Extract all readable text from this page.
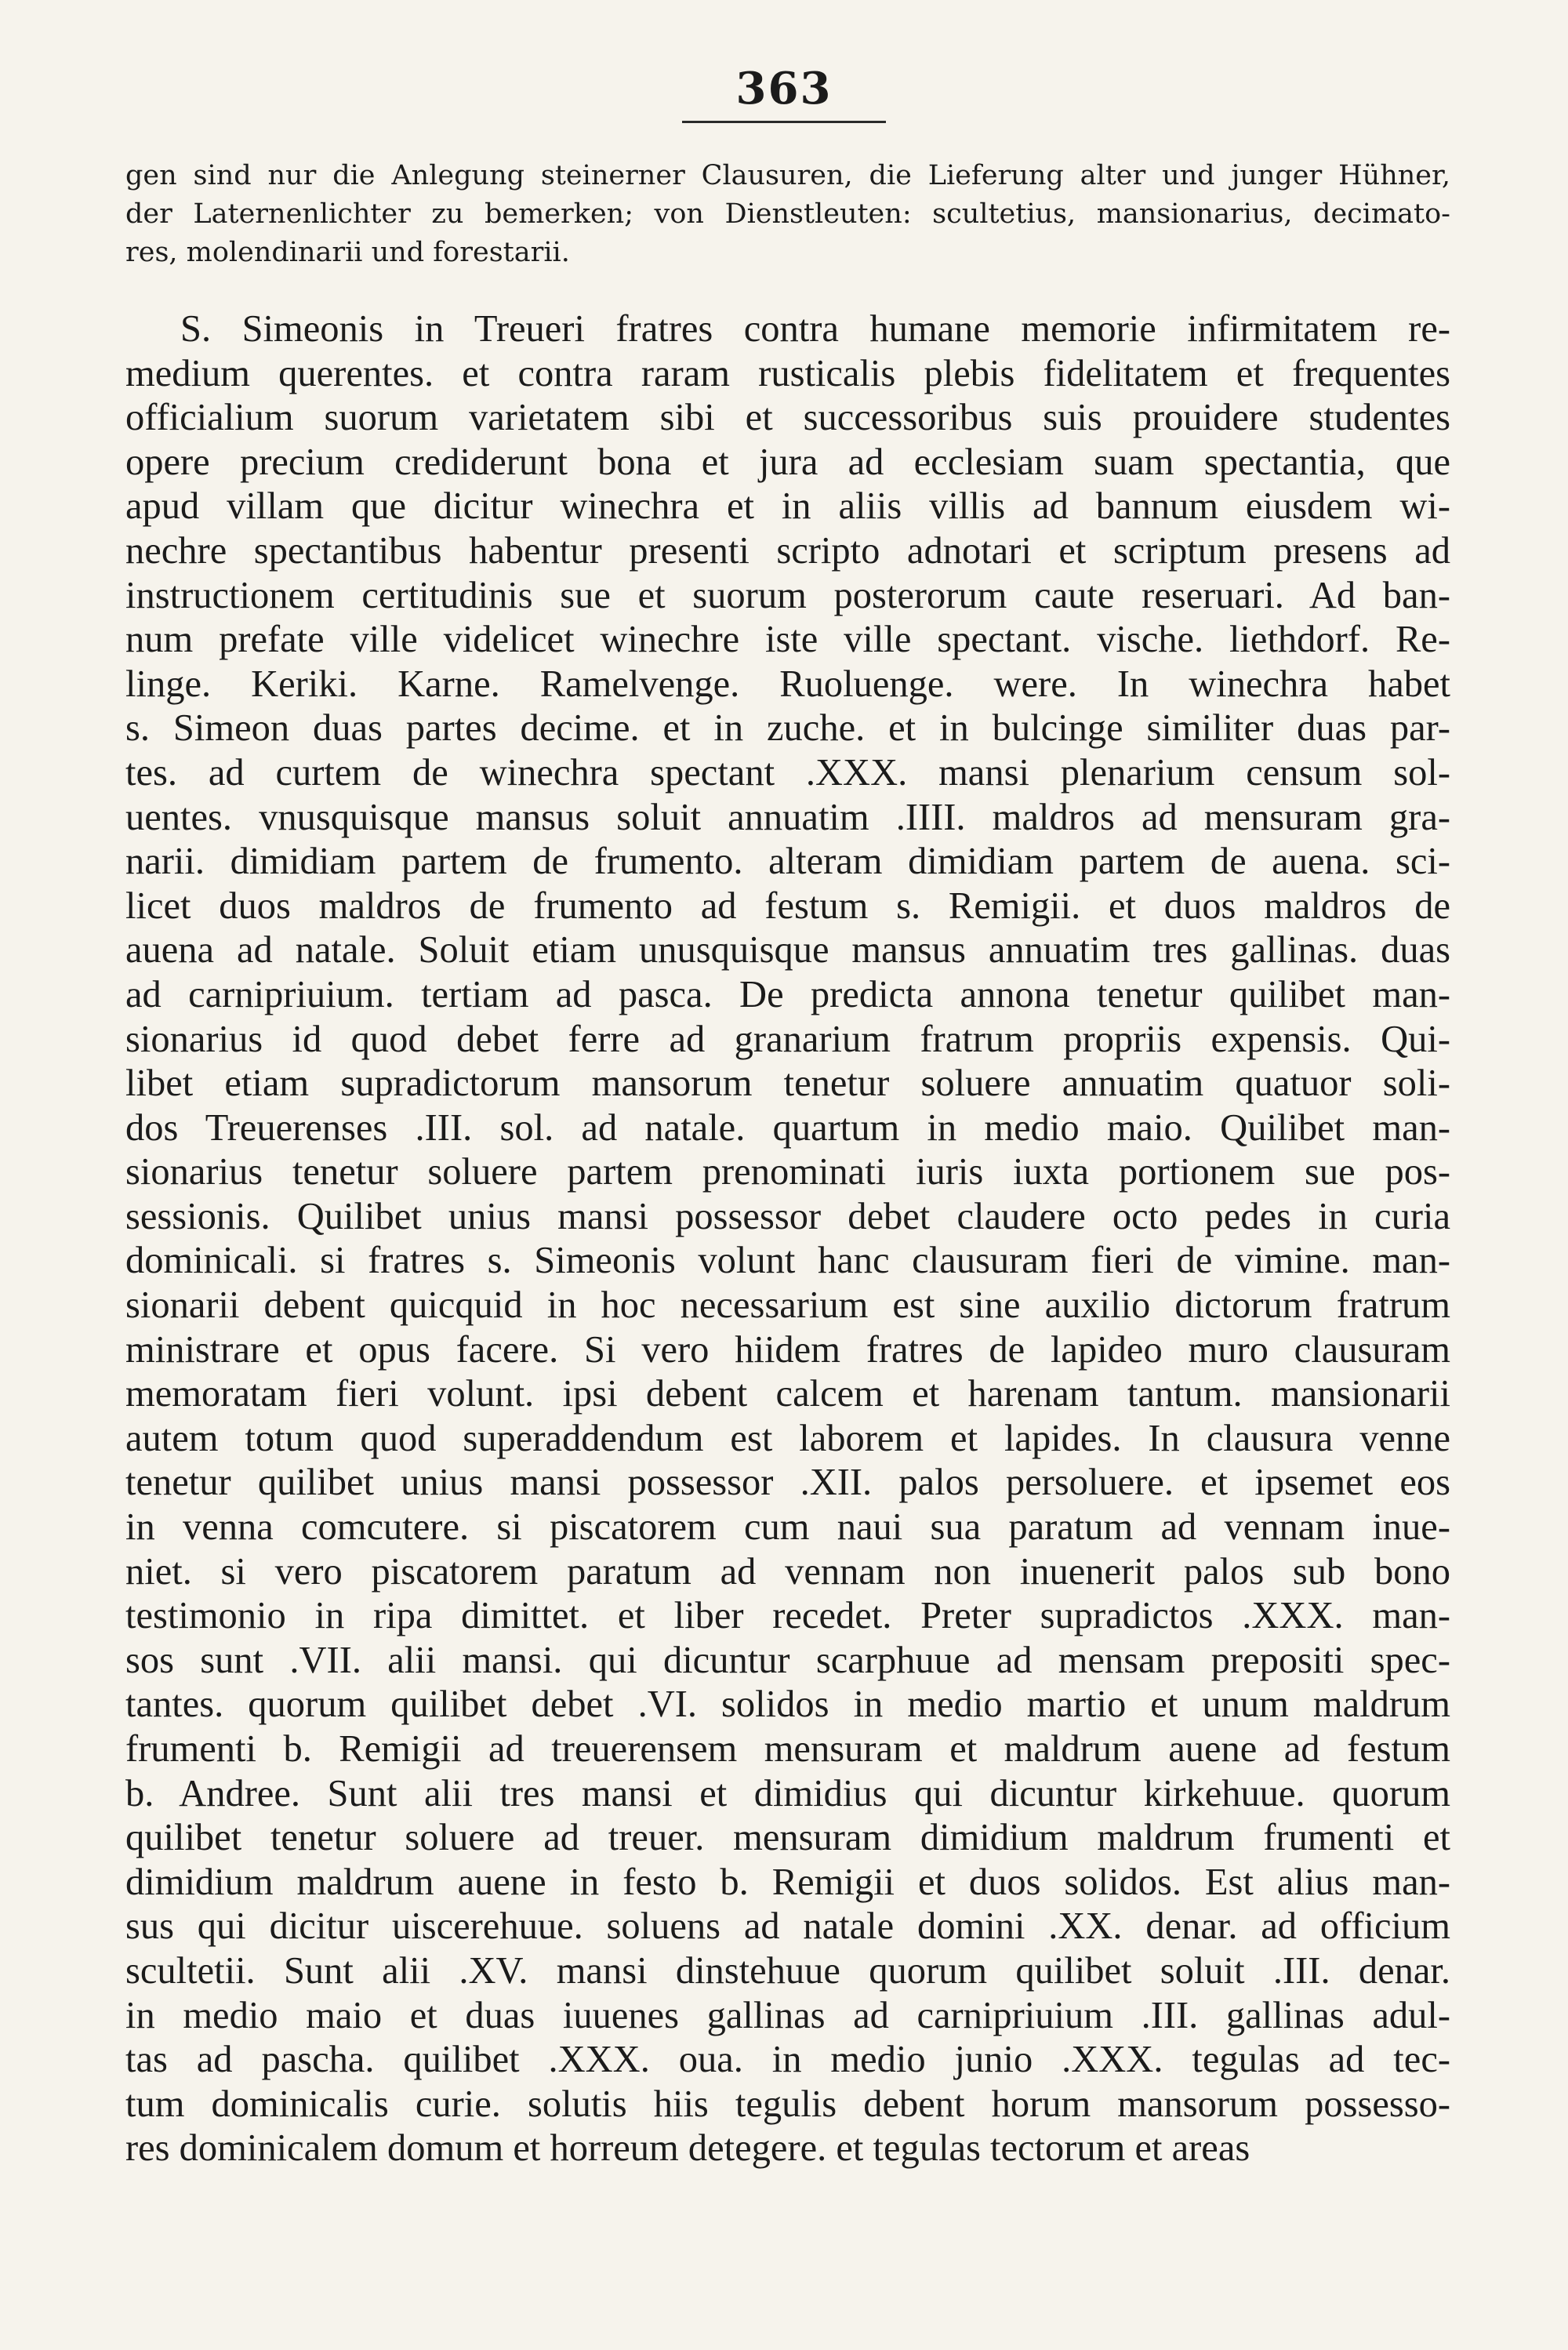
363
gen sind nur die Anlegung steinerner Clausuren, die Lieferung alter und junger Hühner,
der Laternenlichter zu bemerken; von Dienstleuten: scultetius, mansionarius, decimato-
res, molendinarii und forestarii.
S. Simeonis in Treueri fratres contra humane memorie infirmitatem re-
medium querentes. et contra raram rusticalis plebis fidelitatem et frequentes
officialium suorum varietatem sibi et successoribus suis prouidere studentes
opere precium crediderunt bona et jura ad ecclesiam suam spectantia, que
apud villam que dicitur winechra et in aliis villis ad bannum eiusdem wi-
nechre spectantibus habentur presenti scripto adnotari et scriptum presens ad
instructionem certitudinis sue et suorum posterorum caute reseruari. Ad ban-
num prefate ville videlicet winechre iste ville spectant. vische. liethdorf. Re-
linge. Keriki. Karne. Ramelvenge. Ruoluenge. were. In winechra habet
s. Simeon duas partes decime. et in zuche. et in bulcinge similiter duas par-
tes. ad curtem de winechra spectant .XXX. mansi plenarium censum sol-
uentes. vnusquisque mansus soluit annuatim .IIII. maldros ad mensuram gra-
narii. dimidiam partem de frumento. alteram dimidiam partem de auena. sci-
licet duos maldros de frumento ad festum s. Remigii. et duos maldros de
auena ad natale. Soluit etiam unusquisque mansus annuatim tres gallinas. duas
ad carnipriuium. tertiam ad pasca. De predicta annona tenetur quilibet man-
sionarius id quod debet ferre ad granarium fratrum propriis expensis. Qui-
libet etiam supradictorum mansorum tenetur soluere annuatim quatuor soli-
dos Treuerenses .III. sol. ad natale. quartum in medio maio. Quilibet man-
sionarius tenetur soluere partem prenominati iuris iuxta portionem sue pos-
sessionis. Quilibet unius mansi possessor debet claudere octo pedes in curia
dominicali. si fratres s. Simeonis volunt hanc clausuram fieri de vimine. man-
sionarii debent quicquid in hoc necessarium est sine auxilio dictorum fratrum
ministrare et opus facere. Si vero hiidem fratres de lapideo muro clausuram
memoratam fieri volunt. ipsi debent calcem et harenam tantum. mansionarii
autem totum quod superaddendum est laborem et lapides. In clausura venne
tenetur quilibet unius mansi possessor .XII. palos persoluere. et ipsemet eos
in venna comcutere. si piscatorem cum naui sua paratum ad vennam inue-
niet. si vero piscatorem paratum ad vennam non inuenerit palos sub bono
testimonio in ripa dimittet. et liber recedet. Preter supradictos .XXX. man-
sos sunt .VII. alii mansi. qui dicuntur scarphuue ad mensam prepositi spec-
tantes. quorum quilibet debet .VI. solidos in medio martio et unum maldrum
frumenti b. Remigii ad treuerensem mensuram et maldrum auene ad festum
b. Andree. Sunt alii tres mansi et dimidius qui dicuntur kirkehuue. quorum
quilibet tenetur soluere ad treuer. mensuram dimidium maldrum frumenti et
dimidium maldrum auene in festo b. Remigii et duos solidos. Est alius man-
sus qui dicitur uiscerehuue. soluens ad natale domini .XX. denar. ad officium
scultetii. Sunt alii .XV. mansi dinstehuue quorum quilibet soluit .III. denar.
in medio maio et duas iuuenes gallinas ad carnipriuium .III. gallinas adul-
tas ad pascha. quilibet .XXX. oua. in medio junio .XXX. tegulas ad tec-
tum dominicalis curie. solutis hiis tegulis debent horum mansorum possesso-
res dominicalem domum et horreum detegere. et tegulas tectorum et areas
